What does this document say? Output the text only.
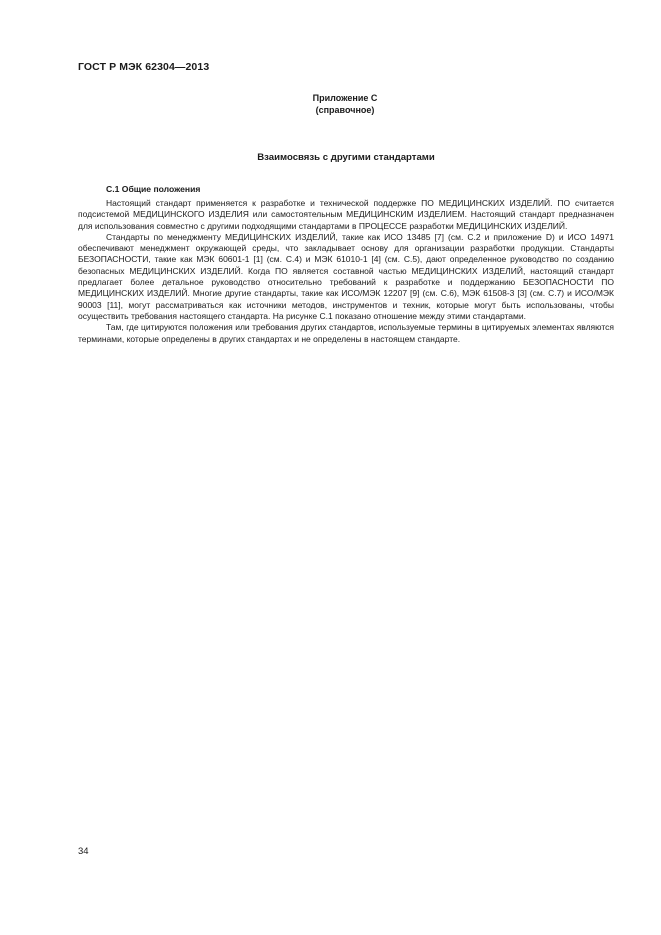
ГОСТ Р МЭК 62304—2013
Приложение С
(справочное)
Взаимосвязь с другими стандартами
С.1 Общие положения

Настоящий стандарт применяется к разработке и технической поддержке ПО МЕДИЦИНСКИХ ИЗДЕЛИЙ. ПО считается подсистемой МЕДИЦИНСКОГО ИЗДЕЛИЯ или самостоятельным МЕДИЦИНСКИМ ИЗДЕЛИЕМ. Настоящий стандарт предназначен для использования совместно с другими подходящими стандартами в ПРОЦЕССЕ разработки МЕДИЦИНСКИХ ИЗДЕЛИЙ.

Стандарты по менеджменту МЕДИЦИНСКИХ ИЗДЕЛИЙ, такие как ИСО 13485 [7] (см. С.2 и приложение D) и ИСО 14971 обеспечивают менеджмент окружающей среды, что закладывает основу для организации разработки продукции. Стандарты БЕЗОПАСНОСТИ, такие как МЭК 60601-1 [1] (см. С.4) и МЭК 61010-1 [4] (см. С.5), дают определенное руководство по созданию безопасных МЕДИЦИНСКИХ ИЗДЕЛИЙ. Когда ПО является составной частью МЕДИЦИНСКИХ ИЗДЕЛИЙ, настоящий стандарт предлагает более детальное руководство относительно требований к разработке и поддержанию БЕЗОПАСНОСТИ ПО МЕДИЦИНСКИХ ИЗДЕЛИЙ. Многие другие стандарты, такие как ИСО/МЭК 12207 [9] (см. С.6), МЭК 61508-3 [3] (см. С.7) и ИСО/МЭК 90003 [11], могут рассматриваться как источники методов, инструментов и техник, которые могут быть использованы, чтобы осуществить требования настоящего стандарта. На рисунке С.1 показано отношение между этими стандартами.

Там, где цитируются положения или требования других стандартов, используемые термины в цитируемых элементах являются терминами, которые определены в других стандартах и не определены в настоящем стандарте.

34
